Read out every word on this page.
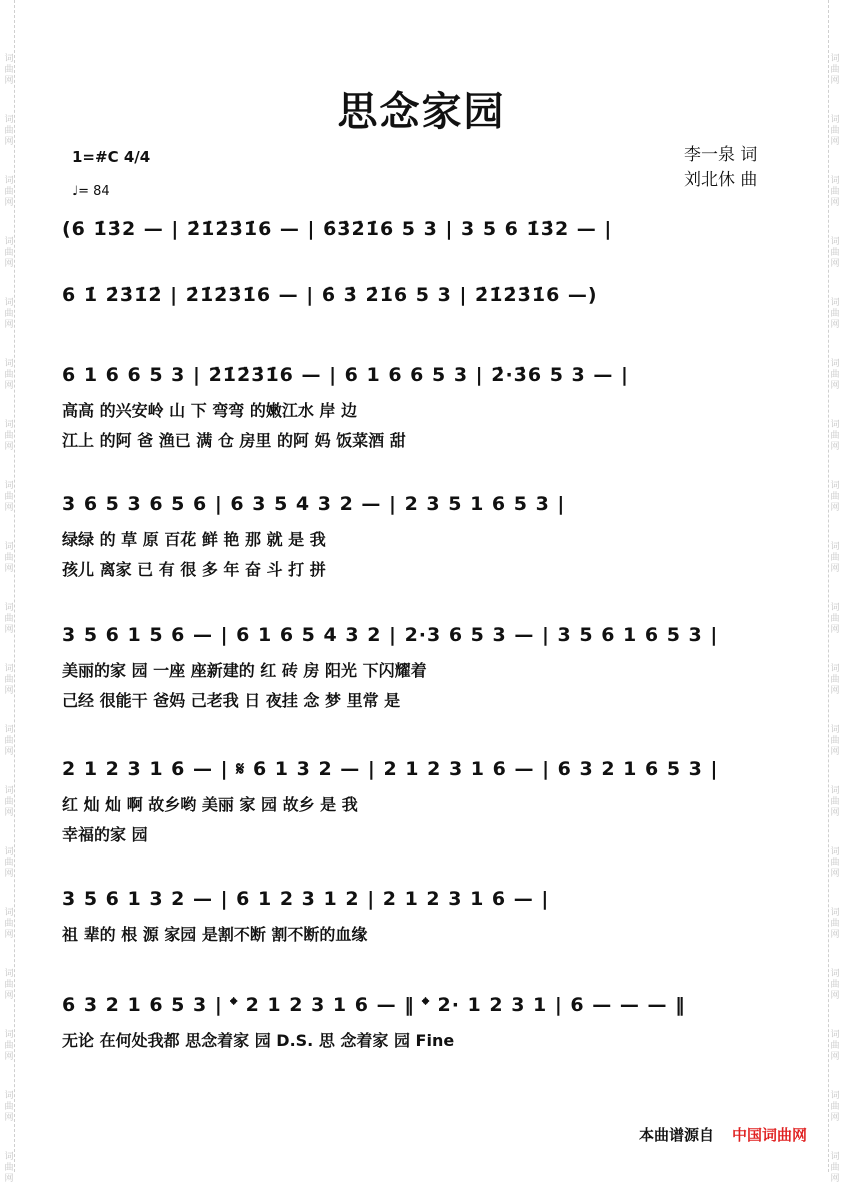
词
曲
网
词
曲
网
词
曲
网
词
曲
网
词
曲
网
词
曲
网
词
曲
网
词
曲
网
词
曲
网
词
曲
网
词
曲
网
词
曲
网
词
曲
网
词
曲
网
词
曲
网
词
曲
网
词
曲
网
词
曲
网
词
曲
网
词
曲
网
词
曲
网
词
曲
网
词
曲
网
词
曲
网
词
曲
网
词
曲
网
词
曲
网
词
曲
网
词
曲
网
词
曲
网
词
曲
网
词
曲
网
词
曲
网
词
曲
网
词
曲
网
词
曲
网
词
曲
网
词
曲
网
思念家园
1=#C 4/4
♩= 84
李一泉 词
刘北休 曲
(6 1̇3̇2 — | 2̇1̇2̇3̇1̇6 — | 6̇3̇2̇1̇6 5 3 | 3 5 6 1̇3̇2 — |
6 1̇ 2̇3̇1̇2̇ | 2̇1̇2̇3̇1̇6 — | 6̇ 3̇ 2̇1̇6 5 3 | 2̇1̇2̇3̇1̇6 —)
6 1 6 6 5 3 | 2̇1̇2̇3̇1̇6 — | 6 1 6 6 5 3 | 2̇·3̇6 5 3 — |
高高 的兴安岭 山 下 弯弯 的嫩江水 岸 边
江上 的阿 爸 渔已 满 仓 房里 的阿 妈 饭菜酒 甜
3 6 5 3 6 5 6 | 6 3 5 4 3 2 — | 2 3 5 1 6 5 3 |
绿绿 的 草 原 百花 鲜 艳 那 就 是 我
孩儿 离家 已 有 很 多 年 奋 斗 打 拼
3 5 6 1 5 6 — | 6 1 6 5 4 3 2 | 2·3 6 5 3 — | 3 5 6 1 6 5 3 |
美丽的家 园 一座 座新建的 红 砖 房 阳光 下闪耀着
己经 很能干 爸妈 己老我 日 夜挂 念 梦 里常 是
2 1 2 3 1 6 — | 𝄋 6 1 3 2 — | 2 1 2 3 1 6 — | 6 3 2 1 6 5 3 |
红 灿 灿 啊 故乡哟 美丽 家 园 故乡 是 我
幸福的家 园
3 5 6 1 3 2 — | 6 1 2 3 1 2 | 2 1 2 3 1 6 — |
祖 辈的 根 源 家园 是割不断 割不断的血缘
6 3 2 1 6 5 3 | 𝄌 2 1 2 3 1 6 — ‖ 𝄌 2· 1 2 3 1 | 6 — — — ‖
无论 在何处我都 思念着家 园 D.S. 思 念着家 园 Fine
本曲谱源自 中国词曲网
